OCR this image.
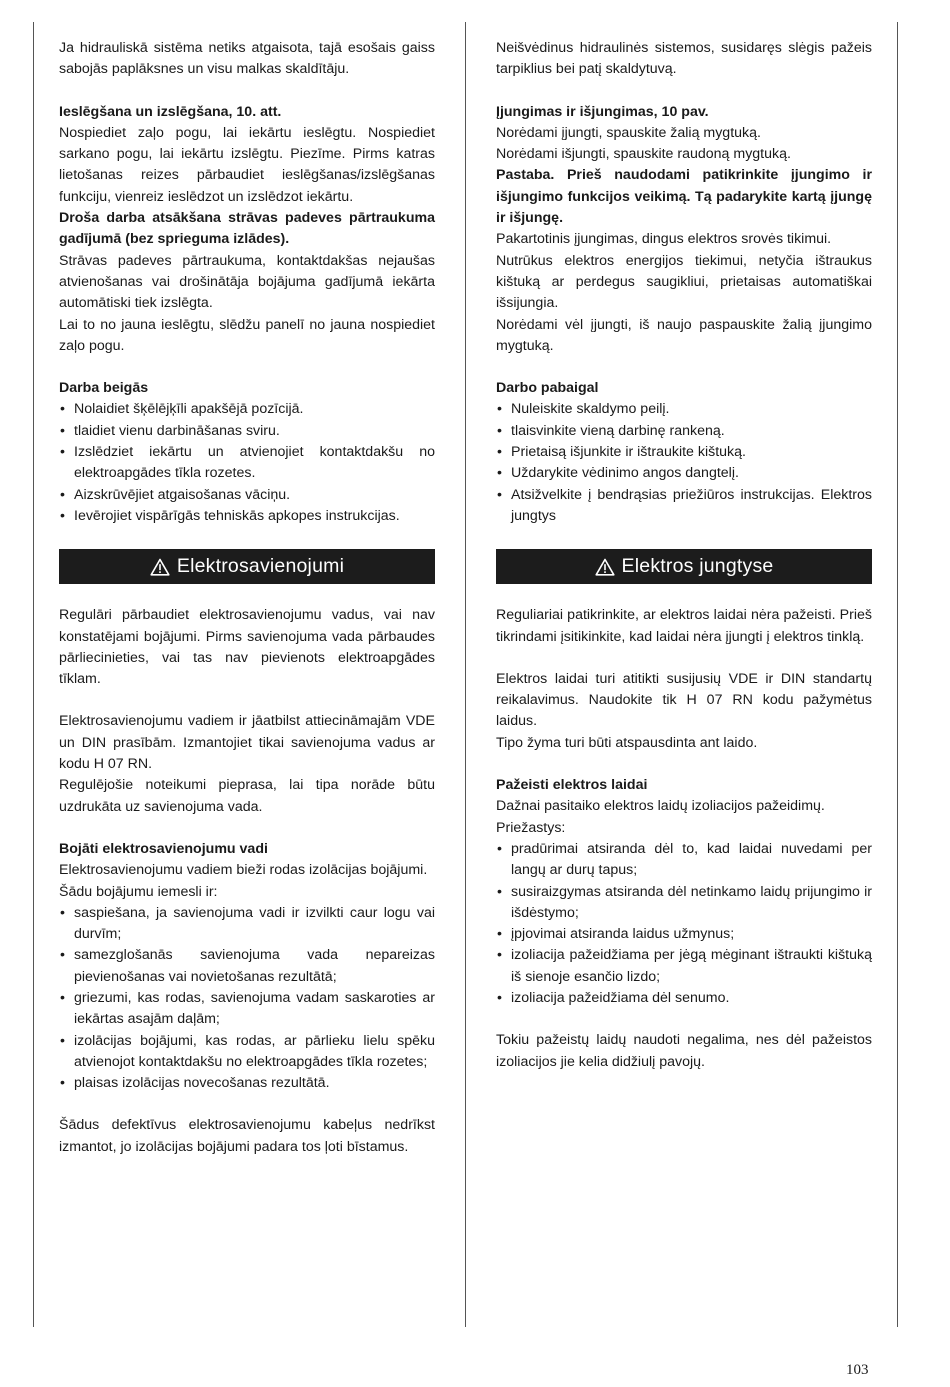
Ja hidrauliskā sistēma netiks atgaisota, tajā esošais gaiss sabojās paplāksnes un visu malkas skaldītāju.

Ieslēgšana un izslēgšana, 10. att.

Nospiediet zaļo pogu, lai iekārtu ieslēgtu. Nospiediet sarkano pogu, lai iekārtu izslēgtu. Piezīme. Pirms katras lietošanas reizes pārbaudiet ieslēgšanas/izslēgšanas funkciju, vienreiz ieslēdzot un izslēdzot iekārtu.

Droša darba atsākšana strāvas padeves pārtraukuma gadījumā (bez sprieguma izlādes).

Strāvas padeves pārtraukuma, kontaktdakšas nejaušas atvienošanas vai drošinātāja bojājuma gadījumā iekārta automātiski tiek izslēgta.

Lai to no jauna ieslēgtu, slēdžu panelī no jauna nospiediet zaļo pogu.

Darba beigās

• Nolaidiet šķēlējķīli apakšējā pozīcijā.
• tlaidiet vienu darbināšanas sviru.
• Izslēdziet iekārtu un atvienojiet kontaktdakšu no elektroapgādes tīkla rozetes.
• Aizskrūvējiet atgaisošanas vāciņu.
• Ievērojiet vispārīgās tehniskās apkopes instrukcijas.
Elektrosavienojumi

Regulāri pārbaudiet elektrosavienojumu vadus, vai nav konstatējami bojājumi. Pirms savienojuma vada pārbaudes pārliecinieties, vai tas nav pievienots elektroapgādes tīklam.

Elektrosavienojumu vadiem ir jāatbilst attiecināmajām VDE un DIN prasībām. Izmantojiet tikai savienojuma vadus ar kodu H 07 RN.

Regulējošie noteikumi pieprasa, lai tipa norāde būtu uzdrukāta uz savienojuma vada.

Bojāti elektrosavienojumu vadi

Elektrosavienojumu vadiem bieži rodas izolācijas bojājumi.

Šādu bojājumu iemesli ir:

• saspiešana, ja savienojuma vadi ir izvilkti caur logu vai durvīm;
• samezglošanās savienojuma vada nepareizas pievienošanas vai novietošanas rezultātā;
• griezumi, kas rodas, savienojuma vadam saskaroties ar iekārtas asajām daļām;
• izolācijas bojājumi, kas rodas, ar pārlieku lielu spēku atvienojot kontaktdakšu no elektroapgādes tīkla rozetes;
• plaisas izolācijas novecošanas rezultātā.

Šādus defektīvus elektrosavienojumu kabeļus nedrīkst izmantot, jo izolācijas bojājumi padara tos ļoti bīstamus.

Neišvėdinus hidraulinės sistemos, susidaręs slėgis pažeis tarpiklius bei patį skaldytuvą.

Įjungimas ir išjungimas, 10 pav.

Norėdami įjungti, spauskite žalią mygtuką.

Norėdami išjungti, spauskite raudoną mygtuką.

Pastaba. Prieš naudodami patikrinkite įjungimo ir išjungimo funkcijos veikimą. Tą padarykite kartą įjungę ir išjungę.

Pakartotinis įjungimas, dingus elektros srovės tikimui.

Nutrūkus elektros energijos tiekimui, netyčia ištraukus kištuką ar perdegus saugikliui, prietaisas automatiškai išsijungia.

Norėdami vėl įjungti, iš naujo paspauskite žalią įjungimo mygtuką.

Darbo pabaigal

• Nuleiskite skaldymo peilį.
• tlaisvinkite vieną darbinę rankeną.
• Prietaisą išjunkite ir ištraukite kištuką.
• Uždarykite vėdinimo angos dangtelį.
• Atsižvelkite į bendrąsias priežiūros instrukcijas. Elektros jungtys
Elektros jungtyse

Reguliariai patikrinkite, ar elektros laidai nėra pažeisti. Prieš tikrindami įsitikinkite, kad laidai nėra įjungti į elektros tinklą.

Elektros laidai turi atitikti susijusių VDE ir DIN standartų reikalavimus. Naudokite tik H 07 RN kodu pažymėtus laidus.

Tipo žyma turi būti atspausdinta ant laido.

Pažeisti elektros laidai

Dažnai pasitaiko elektros laidų izoliacijos pažeidimų.

Priežastys:

• pradūrimai atsiranda dėl to, kad laidai nuvedami per langų ar durų tapus;
• susiraizgymas atsiranda dėl netinkamo laidų prijungimo ir išdėstymo;
• įpjovimai atsiranda laidus užmynus;
• izoliacija pažeidžiama per jėgą mėginant ištraukti kištuką iš sienoje esančio lizdo;
• izoliacija pažeidžiama dėl senumo.

Tokiu pažeistų laidų naudoti negalima, nes dėl pažeistos izoliacijos jie kelia didžiulį pavojų.

103
